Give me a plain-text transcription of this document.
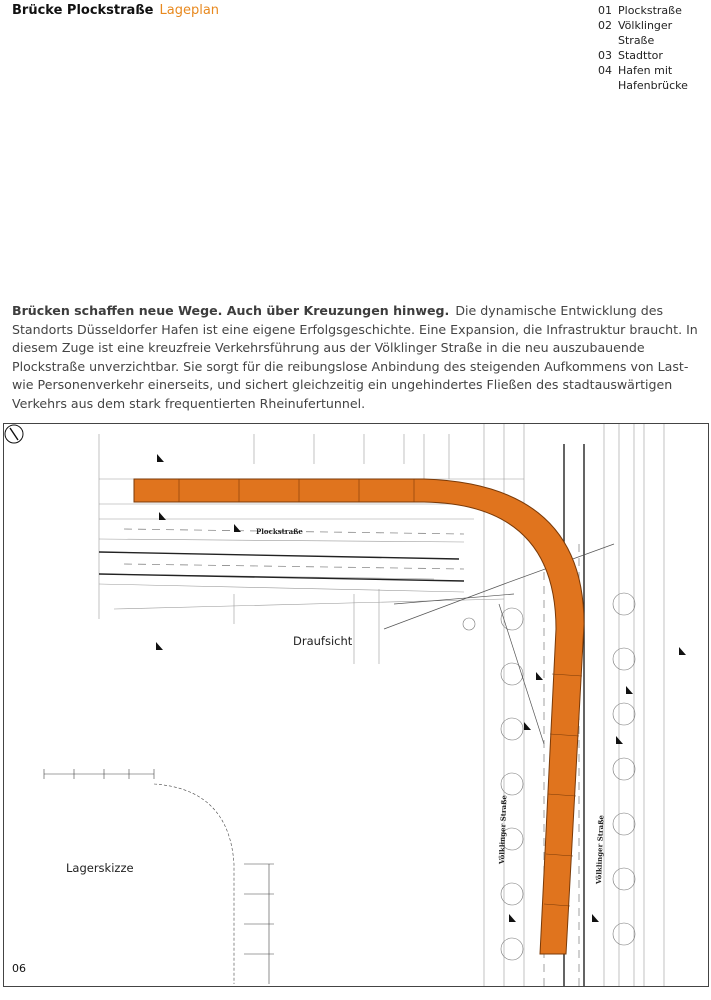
Brücke Plockstraße Lageplan	01 Plockstraße
02 Völklinger Straße
03 Stadttor
04 Hafen mit Hafenbrücke
Brücken schaffen neue Wege. Auch über Kreuzungen hinweg. Die dynamische Entwicklung des Standorts Düsseldorfer Hafen ist eine eigene Erfolgsgeschichte. Eine Expansion, die Infrastruktur braucht. In diesem Zuge ist eine kreuzfreie Verkehrsführung aus der Völklinger Straße in die neu auszubauende Plockstraße unverzichtbar. Sie sorgt für die reibungslose Anbindung des steigenden Aufkommens von Last- wie Personenverkehr einerseits, und sichert gleichzeitig ein ungehindertes Fließen des stadtauswärtigen Verkehrs aus dem stark frequentierten Rheinufertunnel.
Draufsicht
Lagerskizze
Plockstraße
Völklinger Straße	Völklinger Straße
06
